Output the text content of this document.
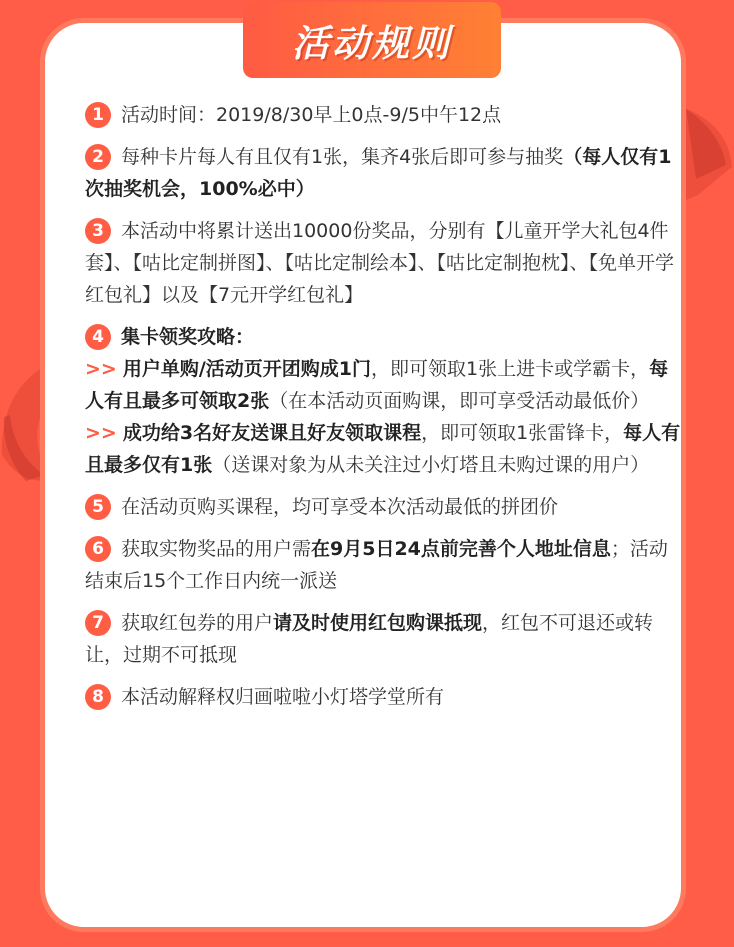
活动规则

1 活动时间：2019/8/30早上0点-9/5中午12点

2 每种卡片每人有且仅有1张，集齐4张后即可参与抽奖（每人仅有1次抽奖机会，100%必中）

3 本活动中将累计送出10000份奖品，分别有【儿童开学大礼包4件套】、【咕比定制拼图】、【咕比定制绘本】、【咕比定制抱枕】、【免单开学红包礼】以及【7元开学红包礼】

4 集卡领奖攻略：

>> 用户单购/活动页开团购成1门，即可领取1张上进卡或学霸卡，每人有且最多可领取2张（在本活动页面购课，即可享受活动最低价）

>> 成功给3名好友送课且好友领取课程，即可领取1张雷锋卡，每人有且最多仅有1张（送课对象为从未关注过小灯塔且未购过课的用户）

5 在活动页购买课程，均可享受本次活动最低的拼团价

6 获取实物奖品的用户需在9月5日24点前完善个人地址信息；活动结束后15个工作日内统一派送

7 获取红包券的用户请及时使用红包购课抵现，红包不可退还或转让，过期不可抵现

8 本活动解释权归画啦啦小灯塔学堂所有
